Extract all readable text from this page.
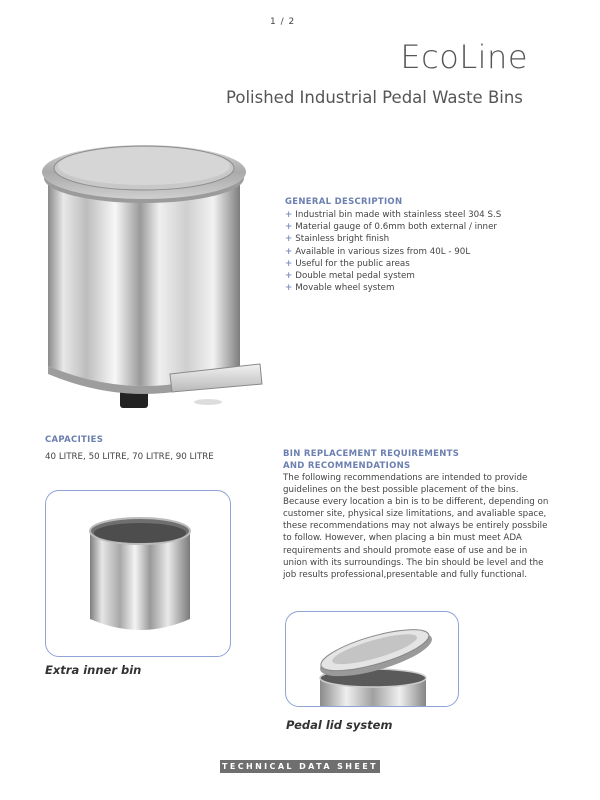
1 / 2
EcoLine
Polished Industrial Pedal Waste Bins
GENERAL DESCRIPTION
+ Industrial bin made with stainless steel 304 S.S
+ Material gauge of 0.6mm both external / inner
+ Stainless bright finish
+ Available in various sizes from 40L - 90L
+ Useful for the public areas
+ Double metal pedal system
+ Movable wheel system
CAPACITIES
40 LITRE, 50 LITRE, 70 LITRE, 90 LITRE	BIN REPLACEMENT REQUIREMENTS
AND RECOMMENDATIONS
The following recommendations are intended to provide guidelines on the best possible placement of the bins. Because every location a bin is to be different, depending on customer site, physical size limitations, and avaliable space, these recommendations may not always be entirely possbile to follow. However, when placing a bin must meet ADA requirements and should promote ease of use and be in union with its surroundings. The bin should be level and the job results professional,presentable and fully functional.
Extra inner bin
Pedal lid system
TECHNICAL DATA SHEET
